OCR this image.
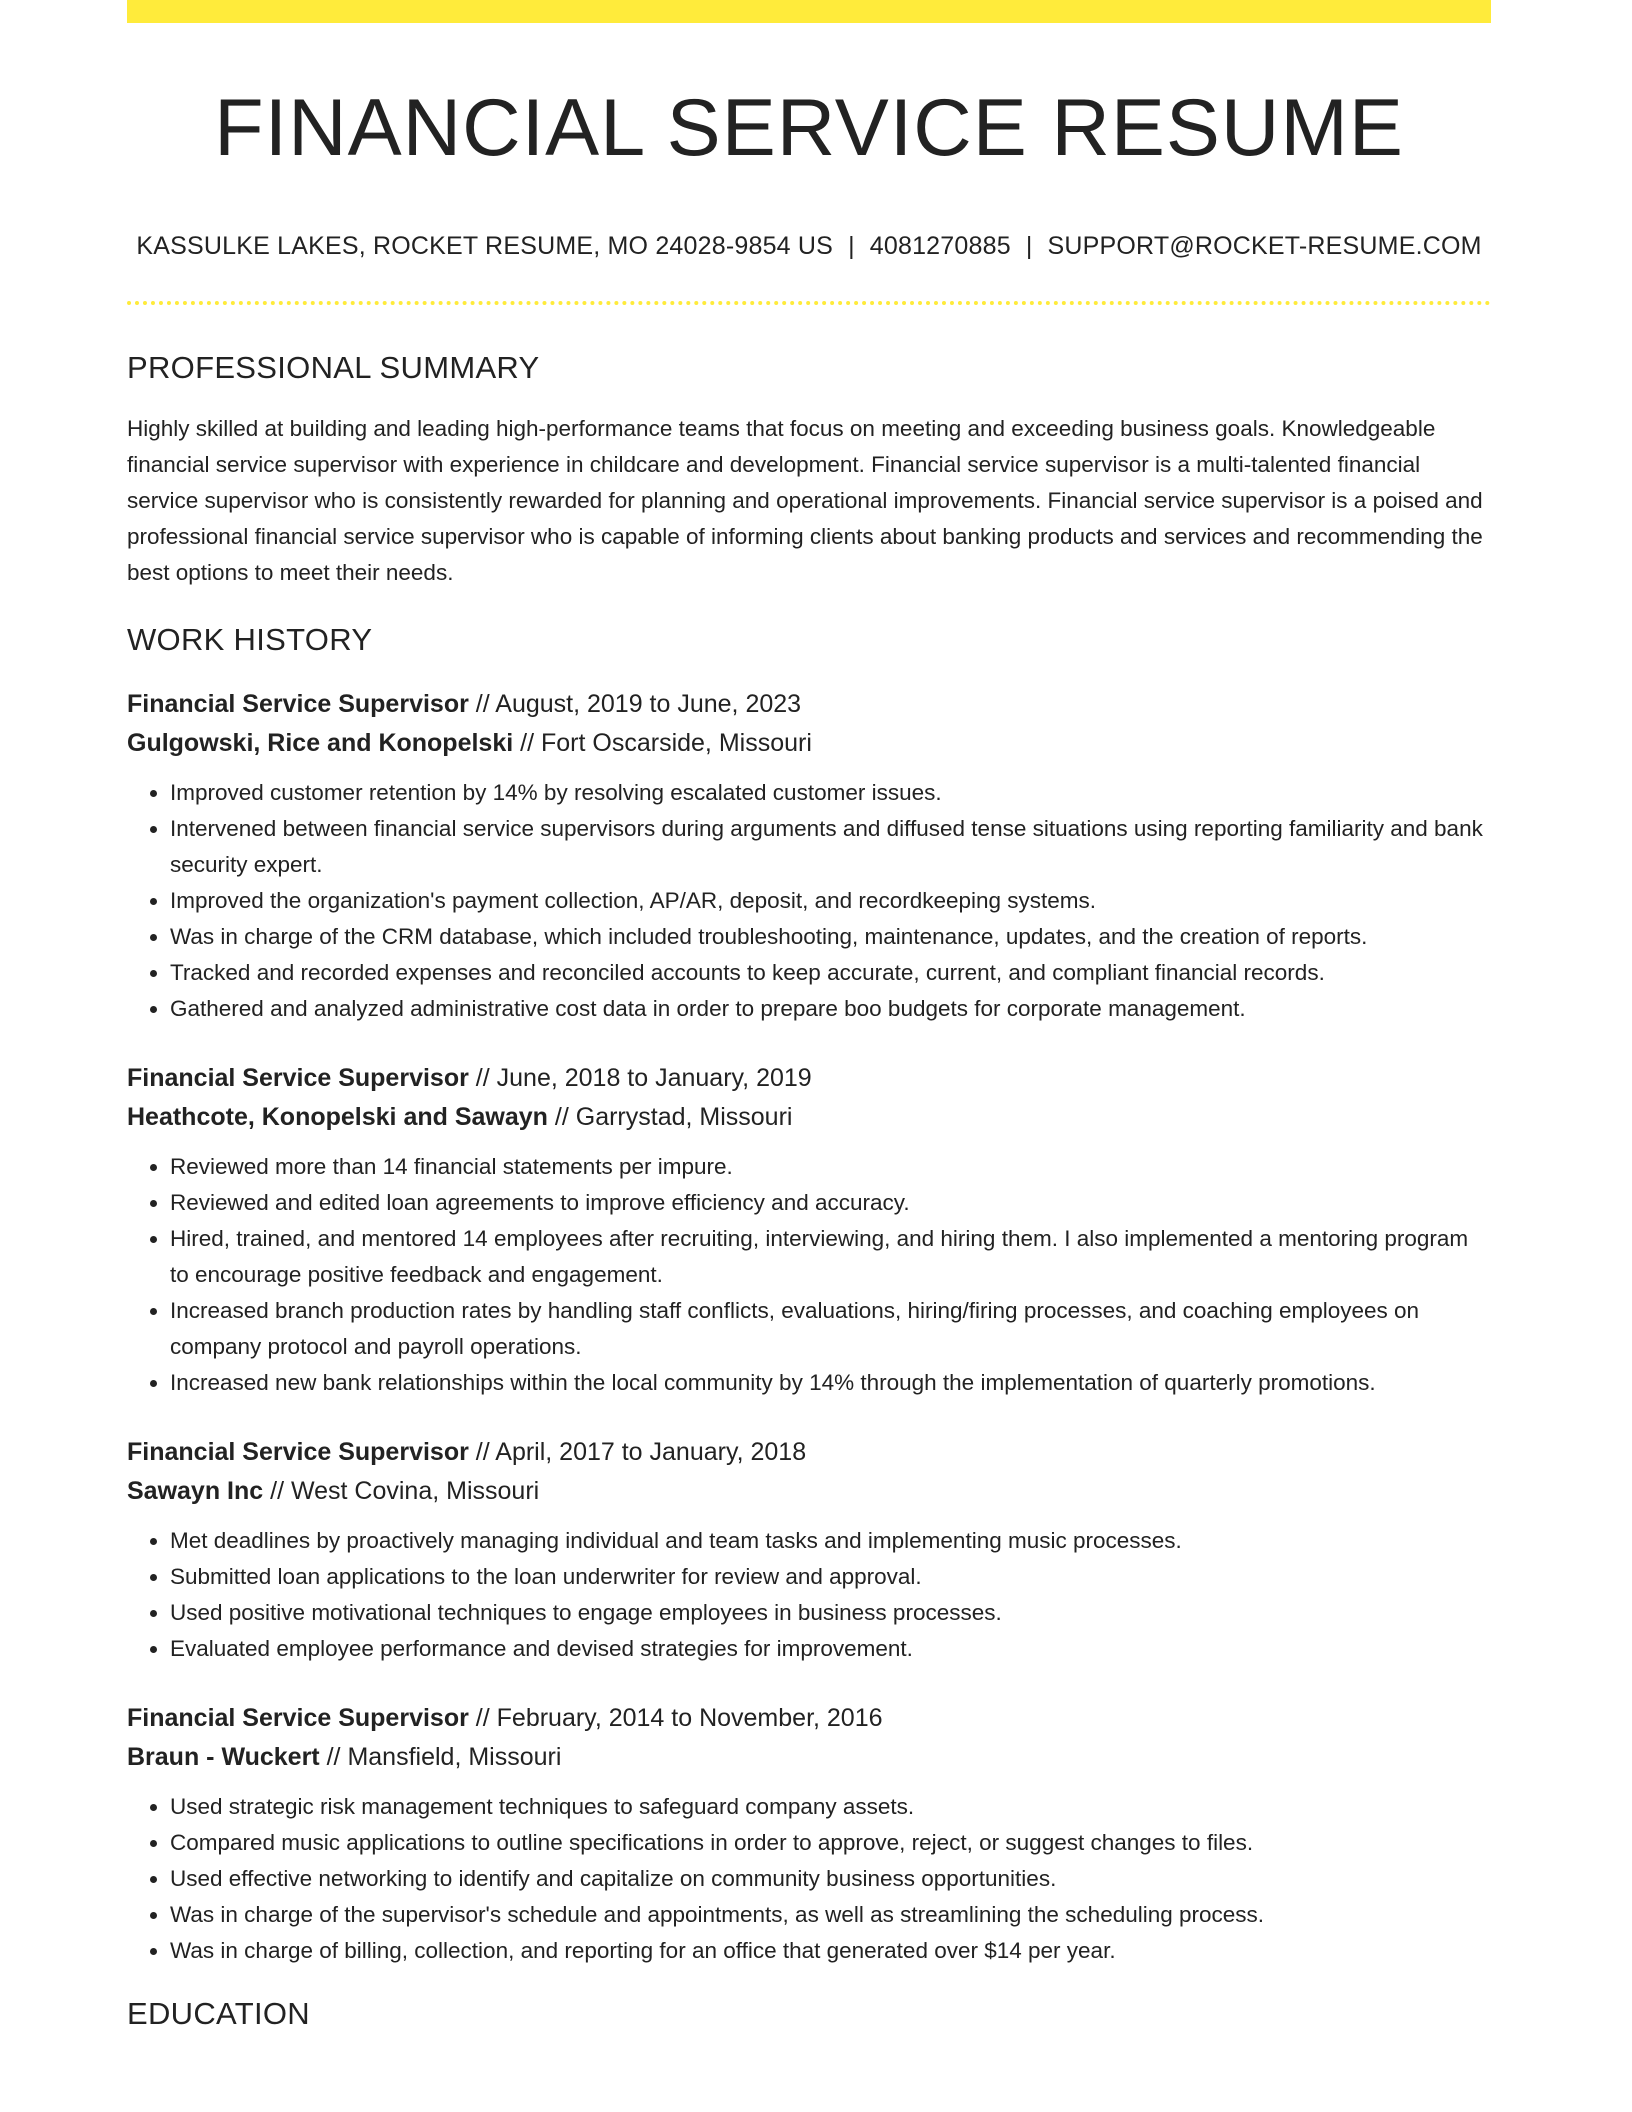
FINANCIAL SERVICE RESUME
KASSULKE LAKES, ROCKET RESUME, MO 24028-9854 US | 4081270885 | SUPPORT@ROCKET-RESUME.COM
PROFESSIONAL SUMMARY
Highly skilled at building and leading high-performance teams that focus on meeting and exceeding business goals. Knowledgeable financial service supervisor with experience in childcare and development. Financial service supervisor is a multi-talented financial service supervisor who is consistently rewarded for planning and operational improvements. Financial service supervisor is a poised and professional financial service supervisor who is capable of informing clients about banking products and services and recommending the best options to meet their needs.
WORK HISTORY
Financial Service Supervisor // August, 2019 to June, 2023
Gulgowski, Rice and Konopelski // Fort Oscarside, Missouri
• Improved customer retention by 14% by resolving escalated customer issues.
• Intervened between financial service supervisors during arguments and diffused tense situations using reporting familiarity and bank security expert.
• Improved the organization's payment collection, AP/AR, deposit, and recordkeeping systems.
• Was in charge of the CRM database, which included troubleshooting, maintenance, updates, and the creation of reports.
• Tracked and recorded expenses and reconciled accounts to keep accurate, current, and compliant financial records.
• Gathered and analyzed administrative cost data in order to prepare boo budgets for corporate management.
Financial Service Supervisor // June, 2018 to January, 2019
Heathcote, Konopelski and Sawayn // Garrystad, Missouri
• Reviewed more than 14 financial statements per impure.
• Reviewed and edited loan agreements to improve efficiency and accuracy.
• Hired, trained, and mentored 14 employees after recruiting, interviewing, and hiring them. I also implemented a mentoring program to encourage positive feedback and engagement.
• Increased branch production rates by handling staff conflicts, evaluations, hiring/firing processes, and coaching employees on company protocol and payroll operations.
• Increased new bank relationships within the local community by 14% through the implementation of quarterly promotions.
Financial Service Supervisor // April, 2017 to January, 2018
Sawayn Inc // West Covina, Missouri
• Met deadlines by proactively managing individual and team tasks and implementing music processes.
• Submitted loan applications to the loan underwriter for review and approval.
• Used positive motivational techniques to engage employees in business processes.
• Evaluated employee performance and devised strategies for improvement.
Financial Service Supervisor // February, 2014 to November, 2016
Braun - Wuckert // Mansfield, Missouri
• Used strategic risk management techniques to safeguard company assets.
• Compared music applications to outline specifications in order to approve, reject, or suggest changes to files.
• Used effective networking to identify and capitalize on community business opportunities.
• Was in charge of the supervisor's schedule and appointments, as well as streamlining the scheduling process.
• Was in charge of billing, collection, and reporting for an office that generated over $14 per year.
EDUCATION
